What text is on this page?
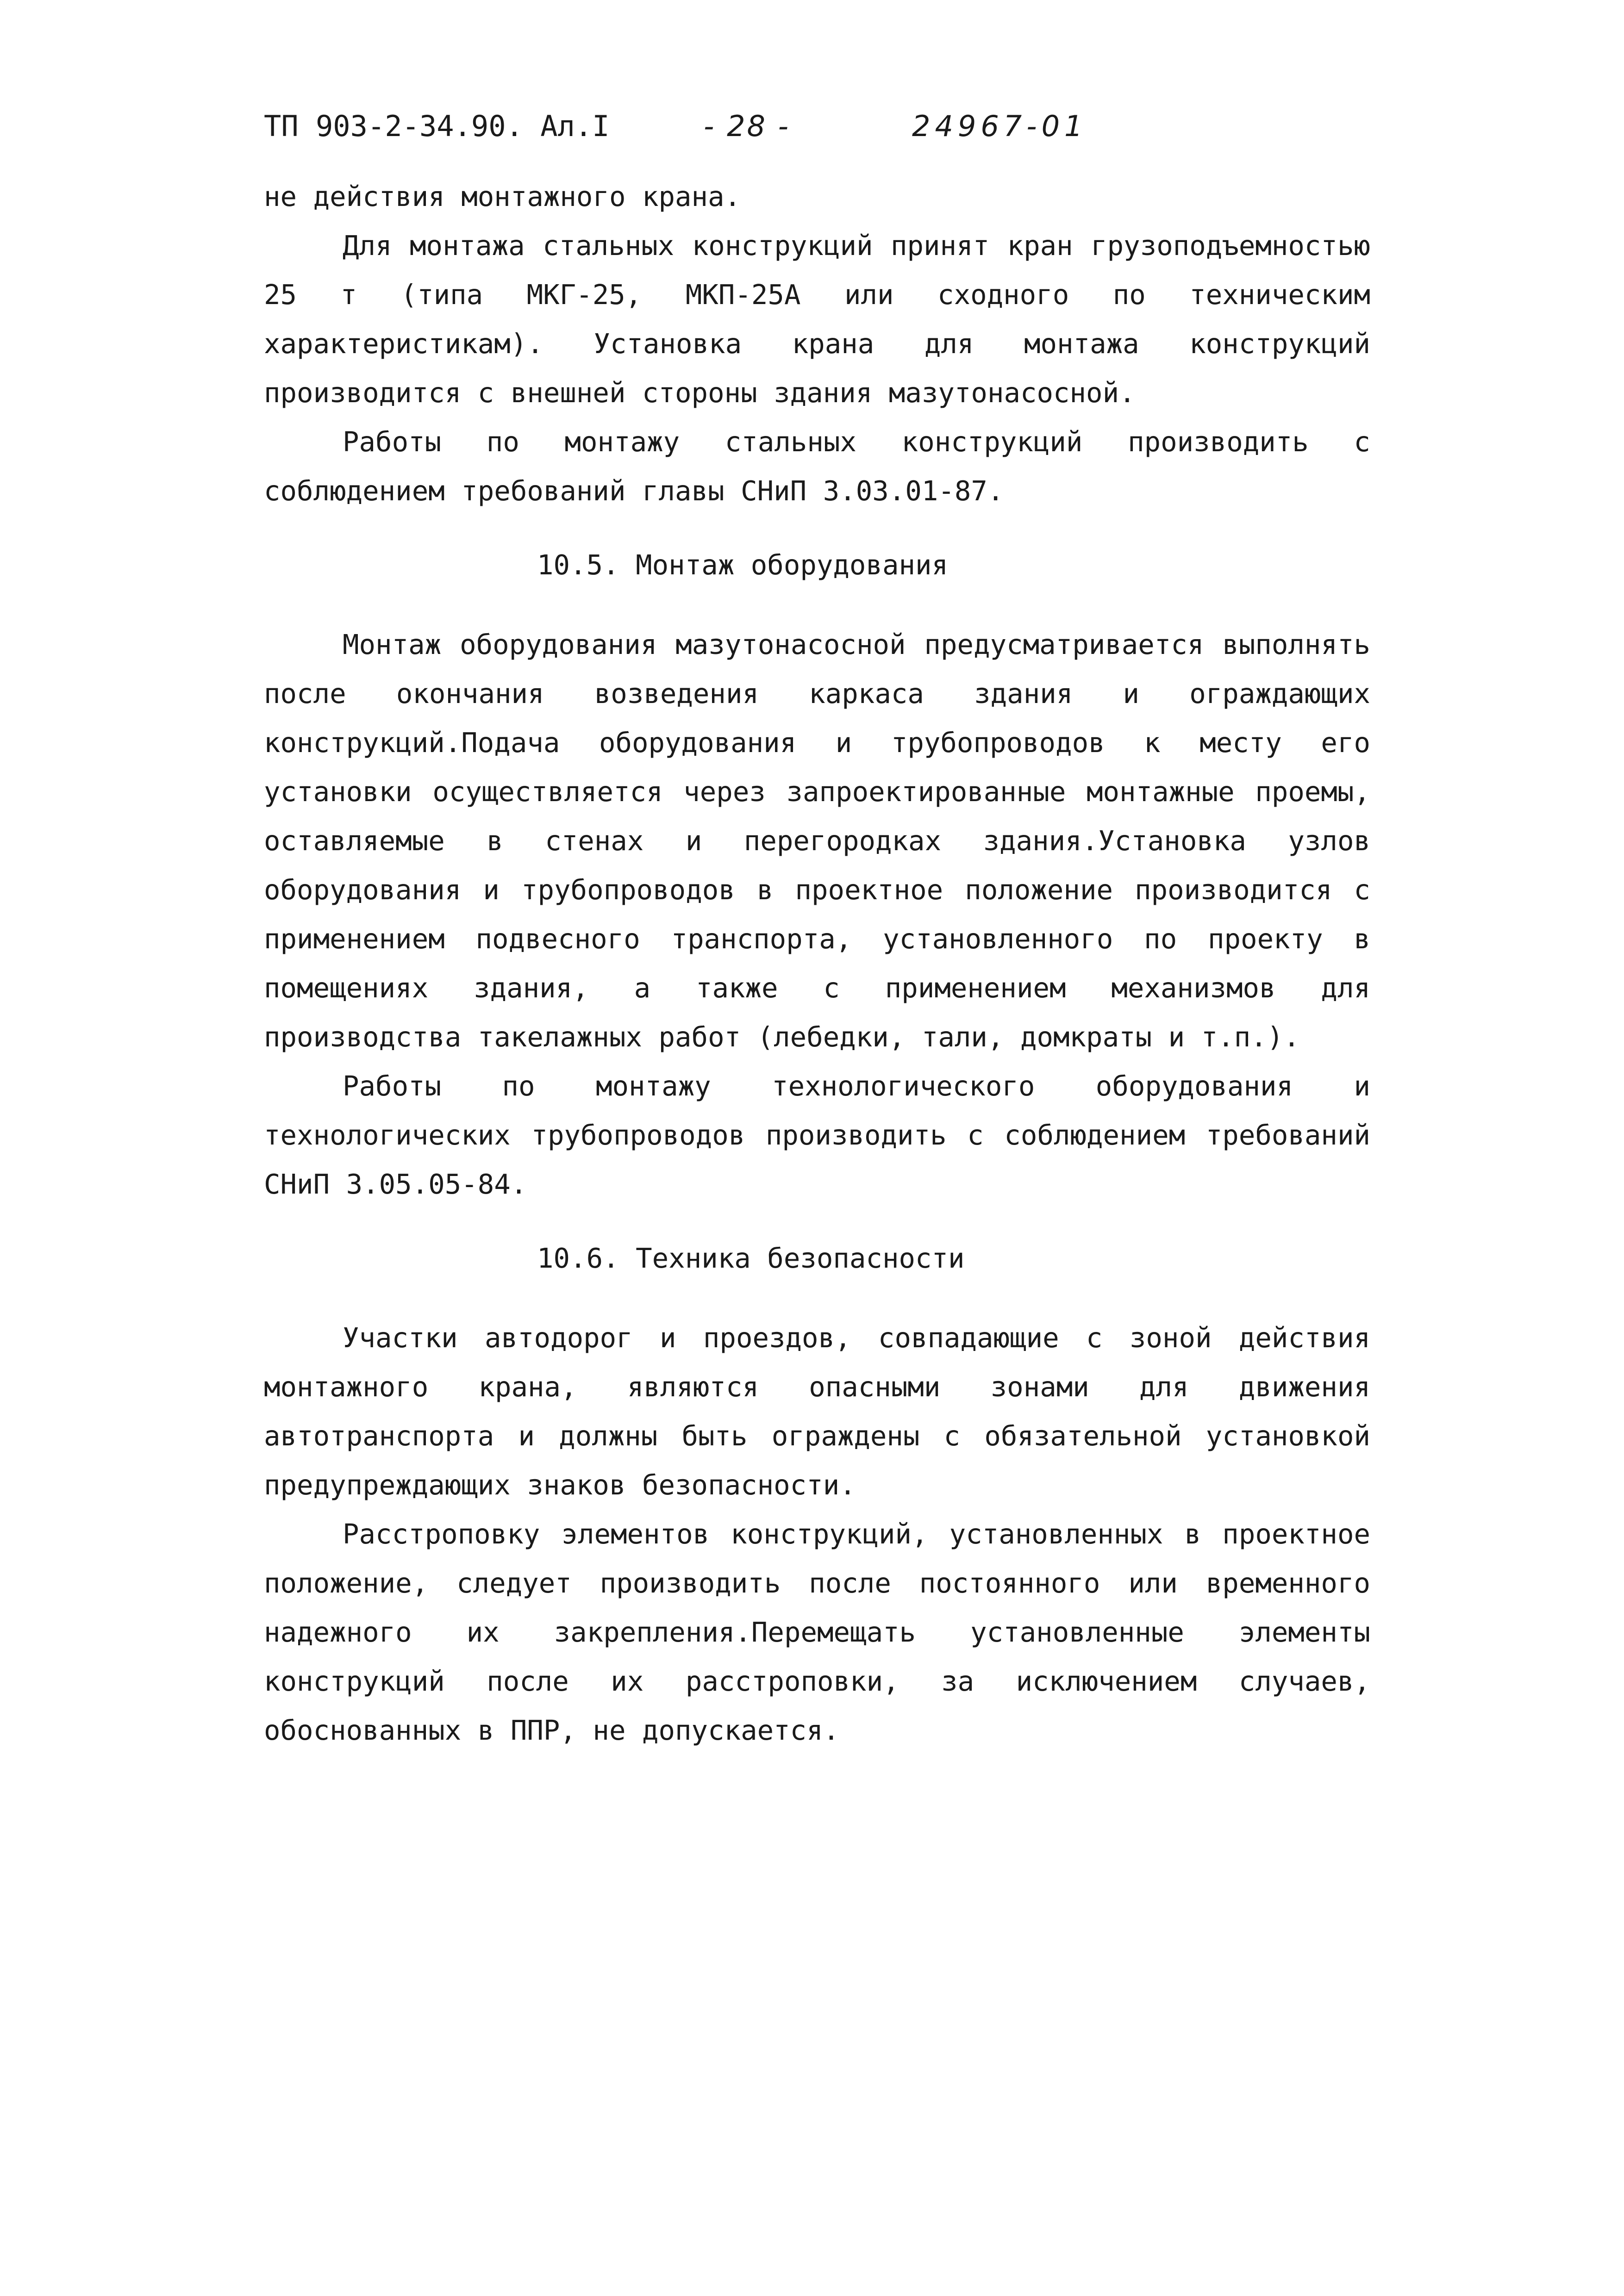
ТП 903-2-34.90. Ал.I	- 28 -	24967-01

не действия монтажного крана.

Для монтажа стальных конструкций принят кран грузоподъемностью 25 т (типа МКГ-25, МКП-25А или сходного по техническим характеристикам). Установка крана для монтажа конструкций производится с внешней стороны здания мазутонасосной.

Работы по монтажу стальных конструкций производить с соблюдением требований главы СНиП 3.03.01-87.

10.5. Монтаж оборудования

Монтаж оборудования мазутонасосной предусматривается выполнять после окончания возведения каркаса здания и ограждающих конструкций.Подача оборудования и трубопроводов к месту его установки осуществляется через запроектированные монтажные проемы, оставляемые в стенах и перегородках здания.Установка узлов оборудования и трубопроводов в проектное положение производится с применением подвесного транспорта, установленного по проекту в помещениях здания, а также с применением механизмов для производства такелажных работ (лебедки, тали, домкраты и т.п.).

Работы по монтажу технологического оборудования и технологических трубопроводов производить с соблюдением требований СНиП 3.05.05-84.

10.6. Техника безопасности

Участки автодорог и проездов, совпадающие с зоной действия монтажного крана, являются опасными зонами для движения автотранспорта и должны быть ограждены с обязательной установкой предупреждающих знаков безопасности.

Расстроповку элементов конструкций, установленных в проектное положение, следует производить после постоянного или временного надежного их закрепления.Перемещать установленные элементы конструкций после их расстроповки, за исключением случаев, обоснованных в ППР, не допускается.
